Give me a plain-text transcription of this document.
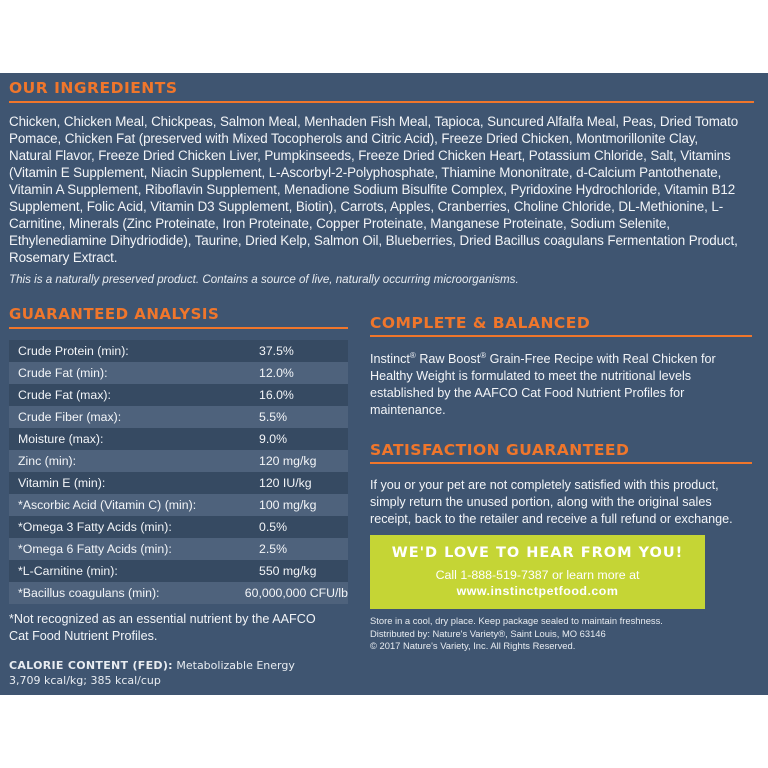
OUR INGREDIENTS

Chicken, Chicken Meal, Chickpeas, Salmon Meal, Menhaden Fish Meal, Tapioca, Suncured Alfalfa Meal, Peas, Dried Tomato Pomace, Chicken Fat (preserved with Mixed Tocopherols and Citric Acid), Freeze Dried Chicken, Montmorillonite Clay, Natural Flavor, Freeze Dried Chicken Liver, Pumpkinseeds, Freeze Dried Chicken Heart, Potassium Chloride, Salt, Vitamins (Vitamin E Supplement, Niacin Supplement, L-Ascorbyl-2-Polyphosphate, Thiamine Mononitrate, d-Calcium Pantothenate, Vitamin A Supplement, Riboflavin Supplement, Menadione Sodium Bisulfite Complex, Pyridoxine Hydrochloride, Vitamin B12 Supplement, Folic Acid, Vitamin D3 Supplement, Biotin), Carrots, Apples, Cranberries, Choline Chloride, DL-Methionine, L-Carnitine, Minerals (Zinc Proteinate, Iron Proteinate, Copper Proteinate, Manganese Proteinate, Sodium Selenite, Ethylenediamine Dihydriodide), Taurine, Dried Kelp, Salmon Oil, Blueberries, Dried Bacillus coagulans Fermentation Product, Rosemary Extract.

This is a naturally preserved product. Contains a source of live, naturally occurring microorganisms.

GUARANTEED ANALYSIS
Crude Protein (min):	37.5%
Crude Fat (min):	12.0%
Crude Fat (max):	16.0%
Crude Fiber (max):	5.5%
Moisture (max):	9.0%
Zinc (min):	120 mg/kg
Vitamin E (min):	120 IU/kg
*Ascorbic Acid (Vitamin C) (min):	100 mg/kg
*Omega 3 Fatty Acids (min):	0.5%
*Omega 6 Fatty Acids (min):	2.5%
*L-Carnitine (min):	550 mg/kg
*Bacillus coagulans (min):	60,000,000 CFU/lb

*Not recognized as an essential nutrient by the AAFCO Cat Food Nutrient Profiles.

CALORIE CONTENT (FED): Metabolizable Energy
3,709 kcal/kg; 385 kcal/cup

COMPLETE & BALANCED

Instinct® Raw Boost® Grain-Free Recipe with Real Chicken for Healthy Weight is formulated to meet the nutritional levels established by the AAFCO Cat Food Nutrient Profiles for maintenance.

SATISFACTION GUARANTEED

If you or your pet are not completely satisfied with this product, simply return the unused portion, along with the original sales receipt, back to the retailer and receive a full refund or exchange.

WE'D LOVE TO HEAR FROM YOU!
Call 1-888-519-7387 or learn more at
www.instinctpetfood.com

Store in a cool, dry place. Keep package sealed to maintain freshness.
Distributed by: Nature's Variety®, Saint Louis, MO 63146
© 2017 Nature's Variety, Inc. All Rights Reserved.
